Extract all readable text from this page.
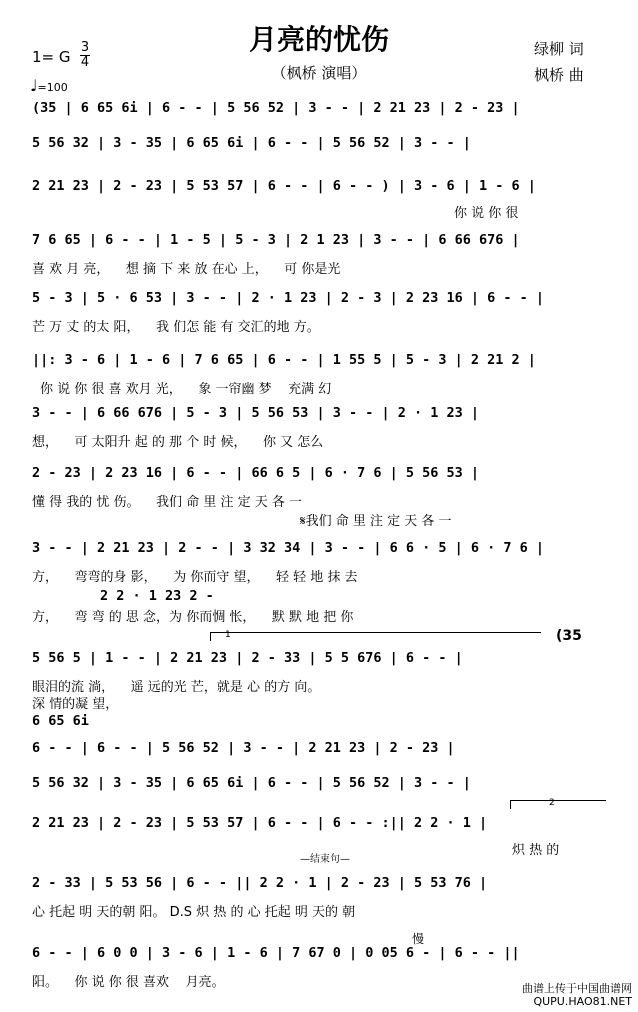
月亮的忧伤
（枫桥 演唱）
绿柳 词
枫桥 曲
1= G
3
4
♩=100
(35 | 6 65 6i | 6 - - | 5 56 52 | 3 - - | 2 21 23 | 2 - 23 |
5 56 32 | 3 - 35 | 6 65 6i | 6 - - | 5 56 52 | 3 - - |
2 21 23 | 2 - 23 | 5 53 57 | 6 - - | 6 - - ) | 3 - 6 | 1 - 6 |
你 说 你 很
7 6 65 | 6 - - | 1 - 5 | 5 - 3 | 2 1 23 | 3 - - | 6 66 676 |
喜 欢 月 亮，    想 摘 下 来 放 在心 上，    可 你是光
5 - 3 | 5 · 6 53 | 3 - - | 2 · 1 23 | 2 - 3 | 2 23 16 | 6 - - |
芒 万 丈 的太 阳，    我 们怎 能 有 交汇的地 方。
||: 3 - 6 | 1 - 6 | 7 6 65 | 6 - - | 1 55 5 | 5 - 3 | 2 21 2 |
你 说 你 很 喜 欢月 光，    象 一帘幽 梦    充满 幻
3 - - | 6 66 676 | 5 - 3 | 5 56 53 | 3 - - | 2 · 1 23 |
想，    可 太阳升 起 的 那 个 时 候，    你 又 怎么
2 - 23 | 2 23 16 | 6 - - | 66 6 5 | 6 · 7 6 | 5 56 53 |
懂 得 我的 忧 伤。    我们 命 里 注 定 天 各 一
𝄋我们 命 里 注 定 天 各 一
3 - - | 2 21 23 | 2 - - | 3 32 34 | 3 - - | 6 6 · 5 | 6 · 7 6 |
方，    弯弯的身 影，    为 你而守 望，    轻 轻 地 抹 去
2 2 · 1 23 2 -
方，    弯 弯 的 思 念，为 你而惆 怅，    默 默 地 把 你
5 56 5 | 1 - - | 2 21 23 | 2 - 33 | 5 5 676 | 6 - - |
眼泪的流 淌，    遥 远的光 芒，就是 心 的方 向。
深 情的凝 望，
6 65 6i
6 - - | 6 - - | 5 56 52 | 3 - - | 2 21 23 | 2 - 23 |
5 56 32 | 3 - 35 | 6 65 6i | 6 - - | 5 56 52 | 3 - - |
2 21 23 | 2 - 23 | 5 53 57 | 6 - - | 6 - - :|| 2 2 · 1 |
炽 热 的
2 - 33 | 5 53 56 | 6 - - || 2 2 · 1 | 2 - 23 | 5 53 76 |
心 托起 明 天的朝 阳。 D.S 炽 热 的 心 托起 明 天的 朝
6 - - | 6 0 0 | 3 - 6 | 1 - 6 | 7 67 0 | 0 05 6 - | 6 - - ||
阳。    你 说 你 很 喜欢    月亮。
1	(35
2
—结束句—
慢
曲谱上传于中国曲谱网
QUPU.HAO81.NET
